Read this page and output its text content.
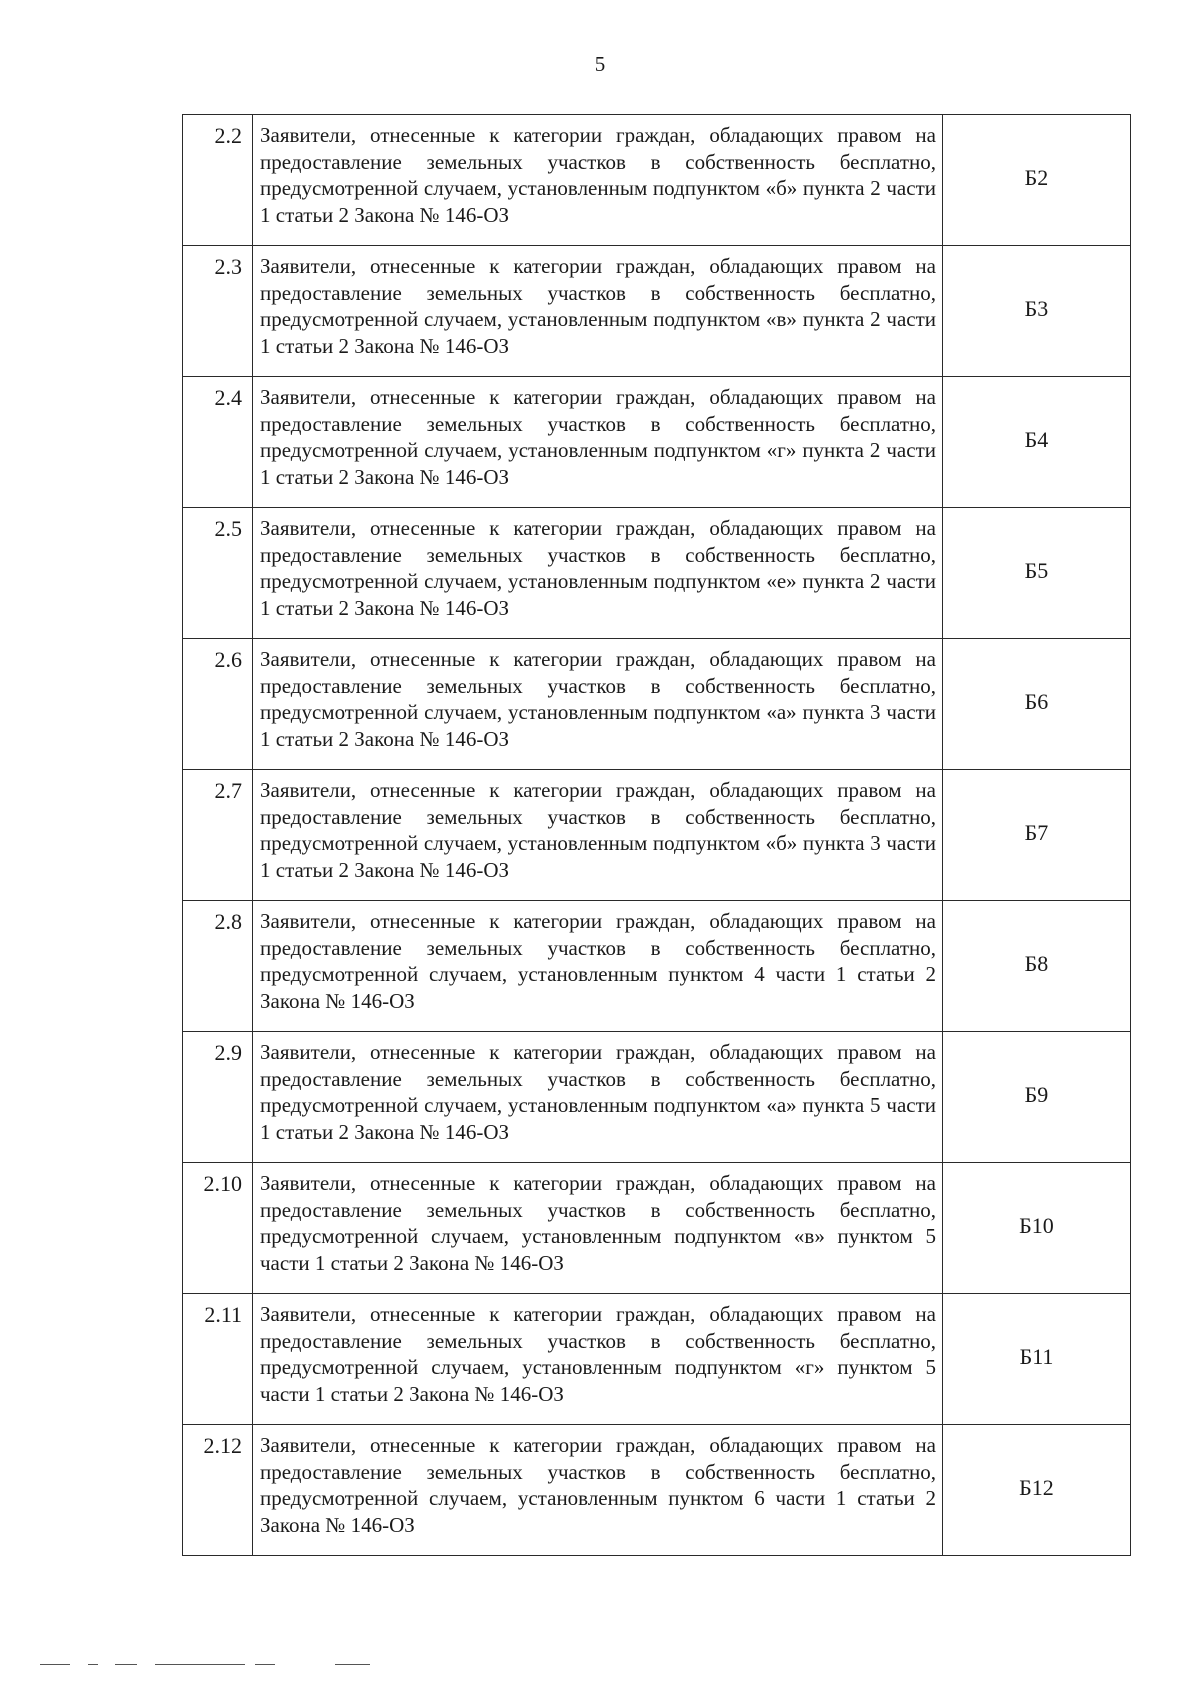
5
2.2	Заявители, отнесенные к категории граждан, обладающих правом на предоставление земельных участков в собственность бесплатно, предусмотренной случаем, установленным подпунктом «б» пункта 2 части 1 статьи 2 Закона № 146-ОЗ	Б2
2.3	Заявители, отнесенные к категории граждан, обладающих правом на предоставление земельных участков в собственность бесплатно, предусмотренной случаем, установленным подпунктом «в» пункта 2 части 1 статьи 2 Закона № 146-ОЗ	Б3
2.4	Заявители, отнесенные к категории граждан, обладающих правом на предоставление земельных участков в собственность бесплатно, предусмотренной случаем, установленным подпунктом «г» пункта 2 части 1 статьи 2 Закона № 146-ОЗ	Б4
2.5	Заявители, отнесенные к категории граждан, обладающих правом на предоставление земельных участков в собственность бесплатно, предусмотренной случаем, установленным подпунктом «е» пункта 2 части 1 статьи 2 Закона № 146-ОЗ	Б5
2.6	Заявители, отнесенные к категории граждан, обладающих правом на предоставление земельных участков в собственность бесплатно, предусмотренной случаем, установленным подпунктом «а» пункта 3 части 1 статьи 2 Закона № 146-ОЗ	Б6
2.7	Заявители, отнесенные к категории граждан, обладающих правом на предоставление земельных участков в собственность бесплатно, предусмотренной случаем, установленным подпунктом «б» пункта 3 части 1 статьи 2 Закона № 146-ОЗ	Б7
2.8	Заявители, отнесенные к категории граждан, обладающих правом на предоставление земельных участков в собственность бесплатно, предусмотренной случаем, установленным пунктом 4 части 1 статьи 2 Закона № 146-ОЗ	Б8
2.9	Заявители, отнесенные к категории граждан, обладающих правом на предоставление земельных участков в собственность бесплатно, предусмотренной случаем, установленным подпунктом «а» пункта 5 части 1 статьи 2 Закона № 146-ОЗ	Б9
2.10	Заявители, отнесенные к категории граждан, обладающих правом на предоставление земельных участков в собственность бесплатно, предусмотренной случаем, установленным подпунктом «в» пунктом 5 части 1 статьи 2 Закона № 146-ОЗ	Б10
2.11	Заявители, отнесенные к категории граждан, обладающих правом на предоставление земельных участков в собственность бесплатно, предусмотренной случаем, установленным подпунктом «г» пунктом 5 части 1 статьи 2 Закона № 146-ОЗ	Б11
2.12	Заявители, отнесенные к категории граждан, обладающих правом на предоставление земельных участков в собственность бесплатно, предусмотренной случаем, установленным пунктом 6 части 1 статьи 2 Закона № 146-ОЗ	Б12
